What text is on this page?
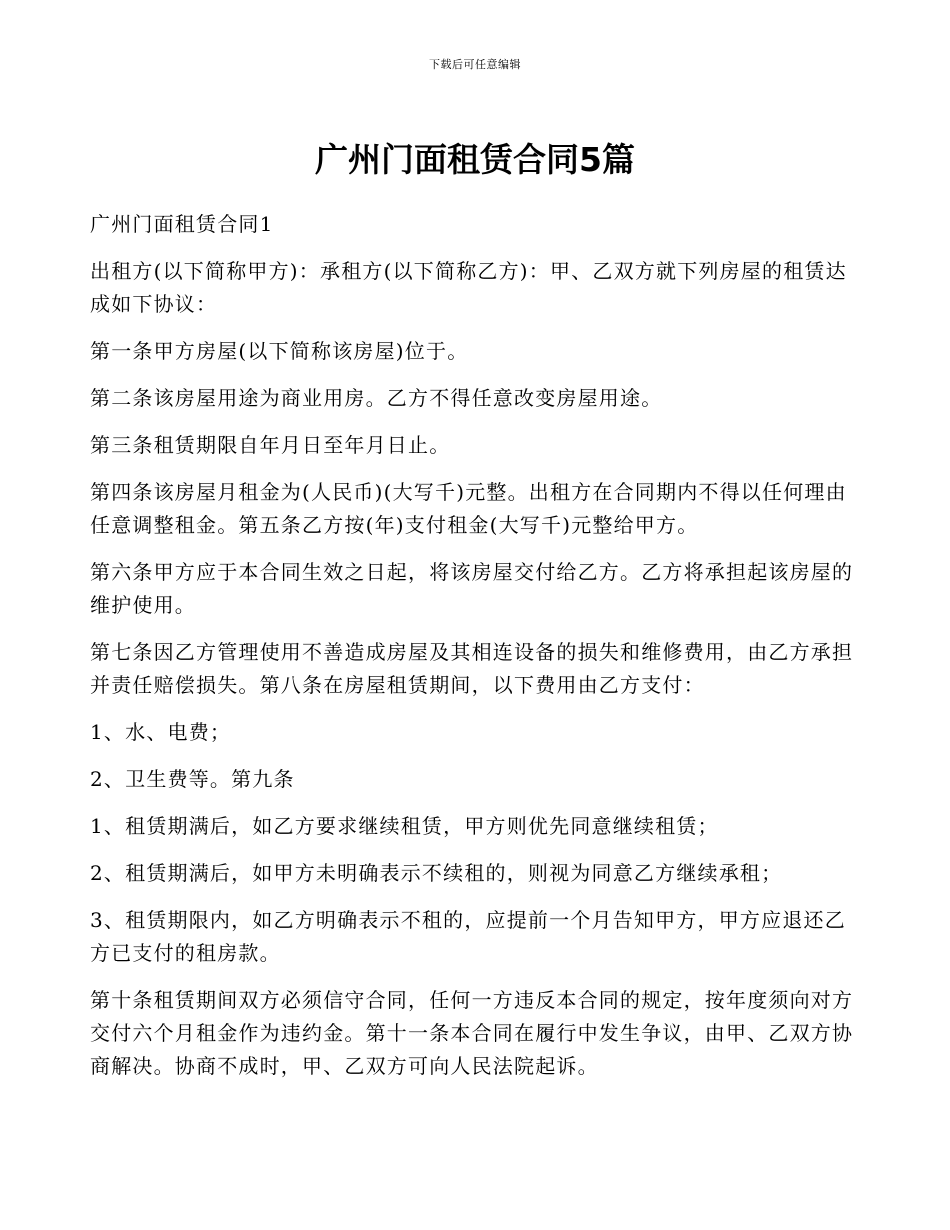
下载后可任意编辑
广州门面租赁合同5篇

广州门面租赁合同1

出租方(以下简称甲方)：承租方(以下简称乙方)：甲、乙双方就下列房屋的租赁达成如下协议：

第一条甲方房屋(以下简称该房屋)位于。

第二条该房屋用途为商业用房。乙方不得任意改变房屋用途。

第三条租赁期限自年月日至年月日止。

第四条该房屋月租金为(人民币)(大写千)元整。出租方在合同期内不得以任何理由任意调整租金。第五条乙方按(年)支付租金(大写千)元整给甲方。

第六条甲方应于本合同生效之日起，将该房屋交付给乙方。乙方将承担起该房屋的维护使用。

第七条因乙方管理使用不善造成房屋及其相连设备的损失和维修费用，由乙方承担并责任赔偿损失。第八条在房屋租赁期间，以下费用由乙方支付：

1、水、电费；

2、卫生费等。第九条

1、租赁期满后，如乙方要求继续租赁，甲方则优先同意继续租赁；

2、租赁期满后，如甲方未明确表示不续租的，则视为同意乙方继续承租；

3、租赁期限内，如乙方明确表示不租的，应提前一个月告知甲方，甲方应退还乙方已支付的租房款。

第十条租赁期间双方必须信守合同，任何一方违反本合同的规定，按年度须向对方交付六个月租金作为违约金。第十一条本合同在履行中发生争议，由甲、乙双方协商解决。协商不成时，甲、乙双方可向人民法院起诉。
